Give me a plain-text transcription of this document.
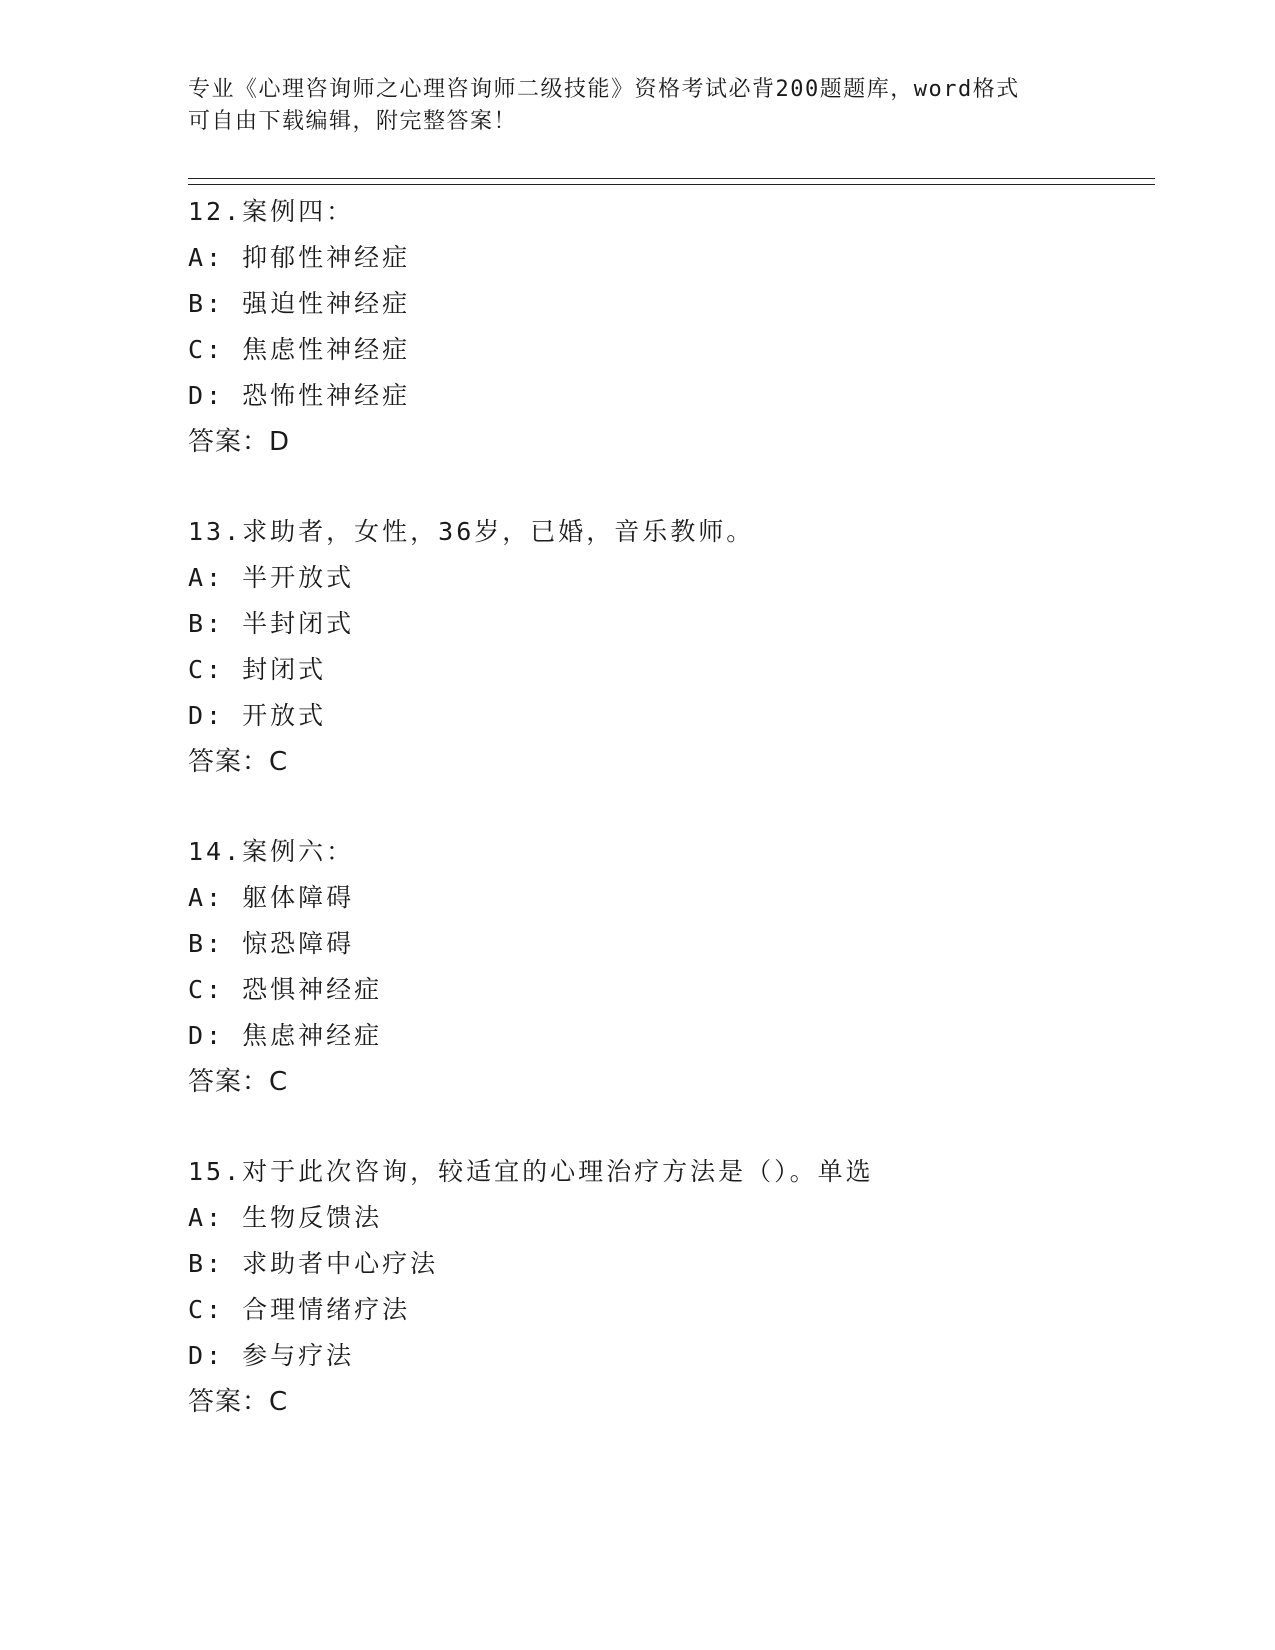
专业《心理咨询师之心理咨询师二级技能》资格考试必背200题题库，word格式
可自由下载编辑，附完整答案！
12.案例四：
A: 抑郁性神经症
B: 强迫性神经症
C: 焦虑性神经症
D: 恐怖性神经症
答案：D
13.求助者，女性，36岁，已婚，音乐教师。
A: 半开放式
B: 半封闭式
C: 封闭式
D: 开放式
答案：C
14.案例六：
A: 躯体障碍
B: 惊恐障碍
C: 恐惧神经症
D: 焦虑神经症
答案：C
15.对于此次咨询，较适宜的心理治疗方法是（）。单选
A: 生物反馈法
B: 求助者中心疗法
C: 合理情绪疗法
D: 参与疗法
答案：C
